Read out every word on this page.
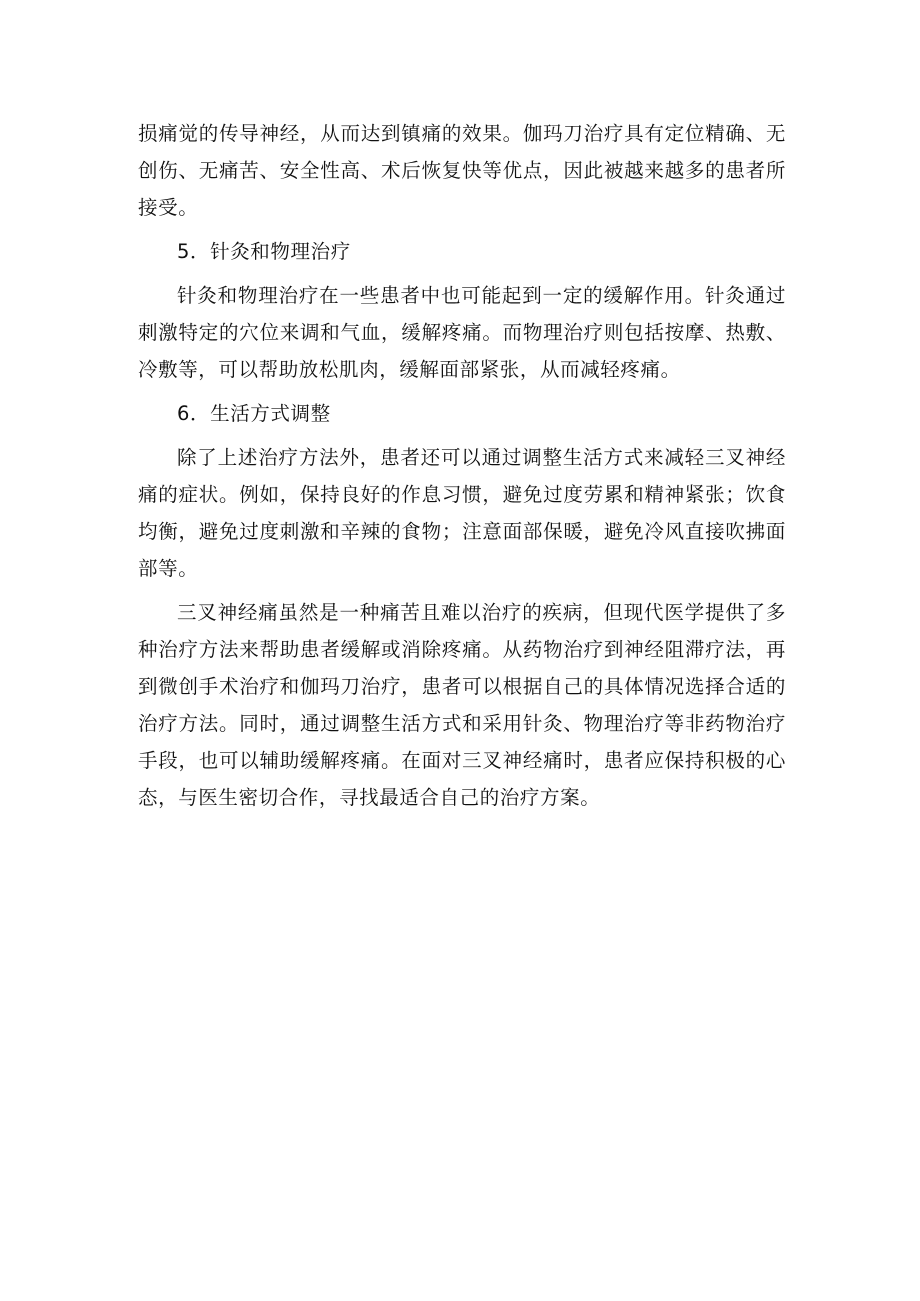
损痛觉的传导神经，从而达到镇痛的效果。伽玛刀治疗具有定位精确、无创伤、无痛苦、安全性高、术后恢复快等优点，因此被越来越多的患者所接受。

5．针灸和物理治疗

针灸和物理治疗在一些患者中也可能起到一定的缓解作用。针灸通过刺激特定的穴位来调和气血，缓解疼痛。而物理治疗则包括按摩、热敷、冷敷等，可以帮助放松肌肉，缓解面部紧张，从而减轻疼痛。

6．生活方式调整

除了上述治疗方法外，患者还可以通过调整生活方式来减轻三叉神经痛的症状。例如，保持良好的作息习惯，避免过度劳累和精神紧张；饮食均衡，避免过度刺激和辛辣的食物；注意面部保暖，避免冷风直接吹拂面部等。

三叉神经痛虽然是一种痛苦且难以治疗的疾病，但现代医学提供了多种治疗方法来帮助患者缓解或消除疼痛。从药物治疗到神经阻滞疗法，再到微创手术治疗和伽玛刀治疗，患者可以根据自己的具体情况选择合适的治疗方法。同时，通过调整生活方式和采用针灸、物理治疗等非药物治疗手段，也可以辅助缓解疼痛。在面对三叉神经痛时，患者应保持积极的心态，与医生密切合作，寻找最适合自己的治疗方案。
